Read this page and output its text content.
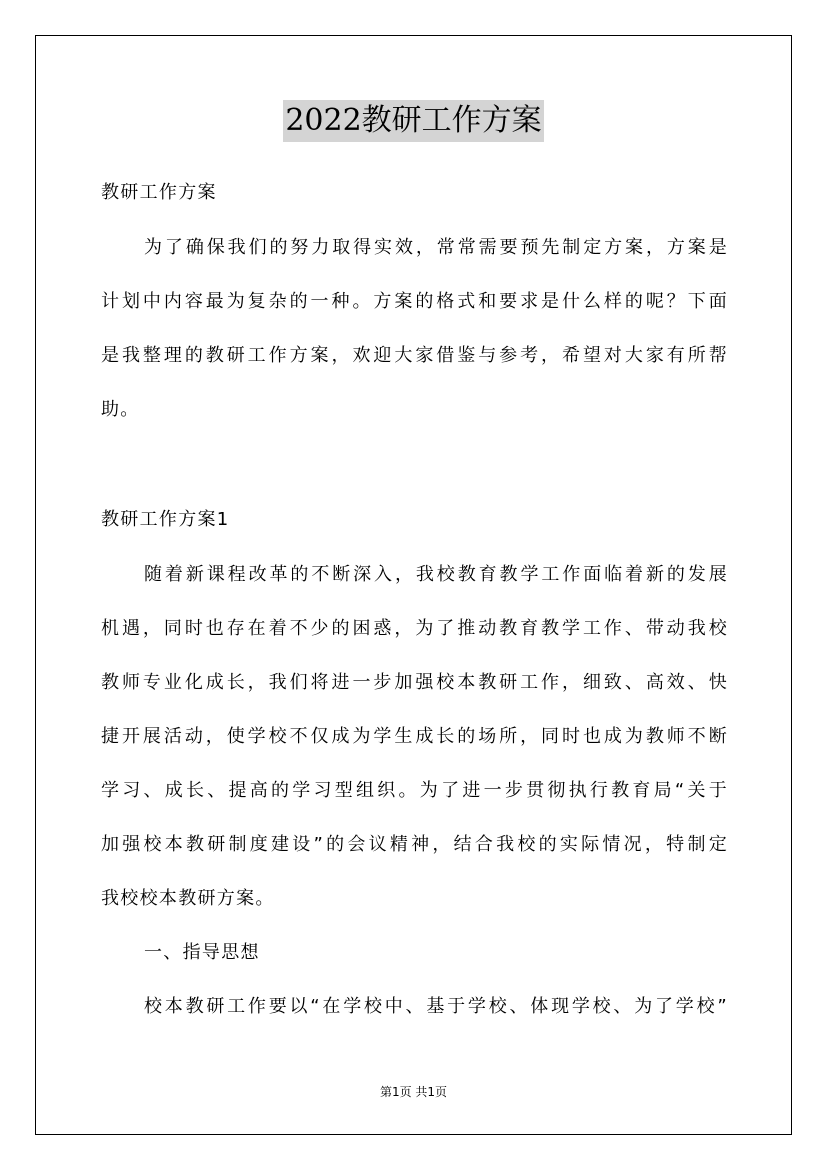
2022教研工作方案
教研工作方案
为了确保我们的努力取得实效，常常需要预先制定方案，方案是
计划中内容最为复杂的一种。方案的格式和要求是什么样的呢？下面
是我整理的教研工作方案，欢迎大家借鉴与参考，希望对大家有所帮
助。
教研工作方案1
随着新课程改革的不断深入，我校教育教学工作面临着新的发展
机遇，同时也存在着不少的困惑，为了推动教育教学工作、带动我校
教师专业化成长，我们将进一步加强校本教研工作，细致、高效、快
捷开展活动，使学校不仅成为学生成长的场所，同时也成为教师不断
学习、成长、提高的学习型组织。为了进一步贯彻执行教育局“关于
加强校本教研制度建设”的会议精神，结合我校的实际情况，特制定
我校校本教研方案。
一、指导思想
校本教研工作要以“在学校中、基于学校、体现学校、为了学校”
第1页 共1页
